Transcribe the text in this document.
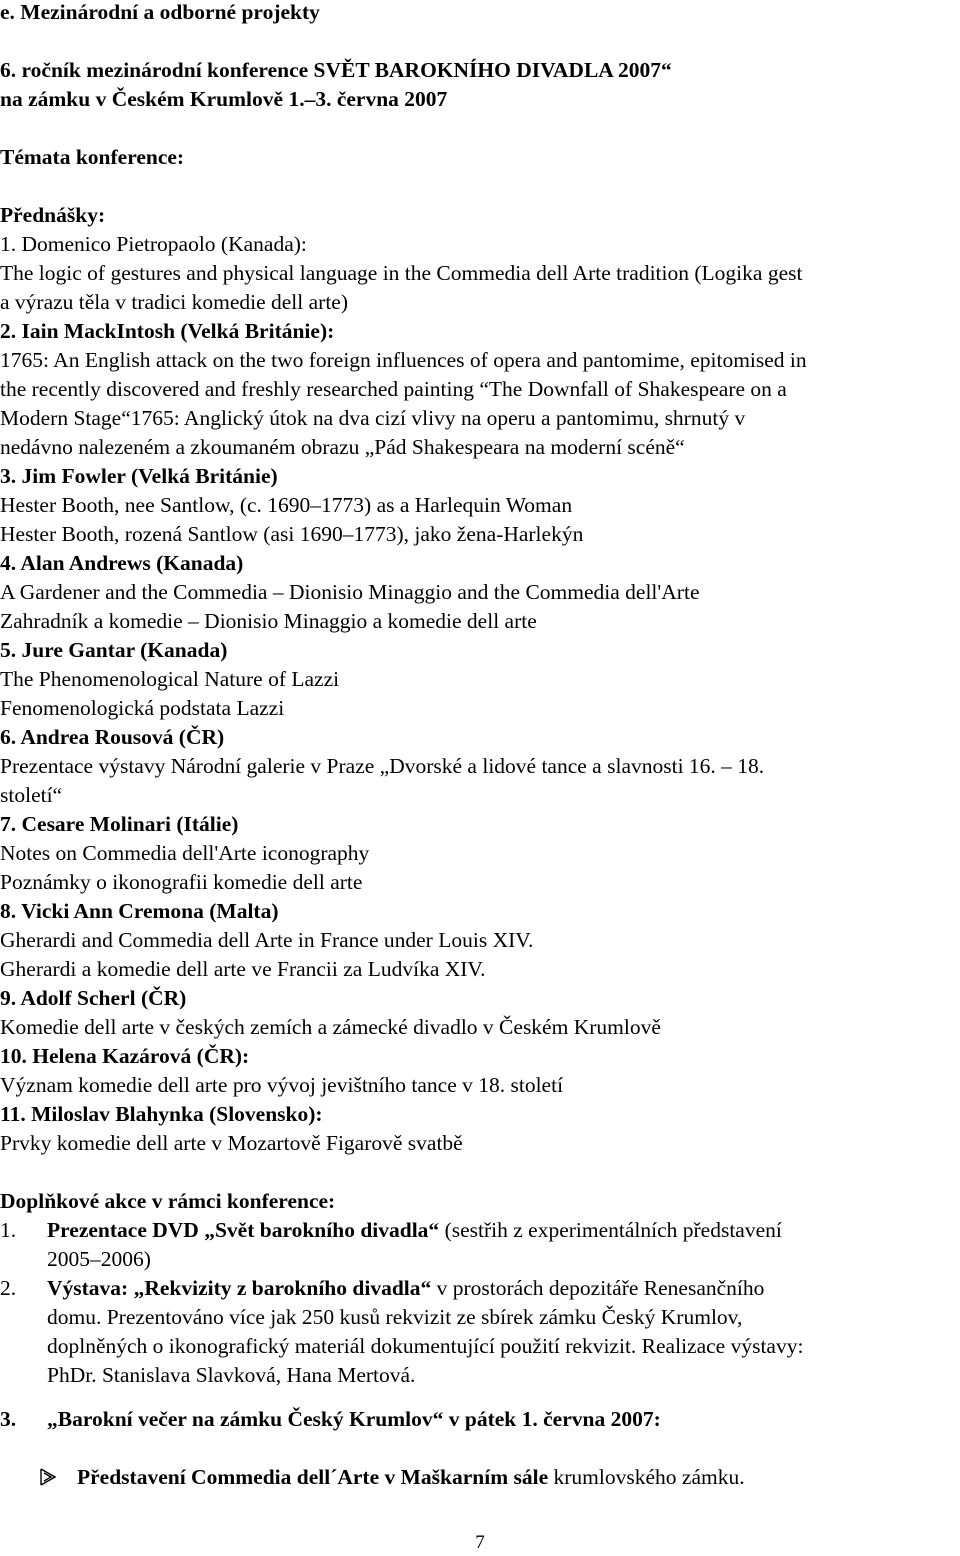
e. Mezinárodní a odborné projekty
6. ročník mezinárodní konference SVĚT BAROKNÍHO DIVADLA 2007“
na zámku v Českém Krumlově 1.–3. června 2007
Témata konference:
Přednášky:
1. Domenico Pietropaolo (Kanada):
The logic of gestures and physical language in the Commedia dell Arte tradition (Logika gest
a výrazu těla v tradici komedie dell arte)
2. Iain MackIntosh (Velká Británie):
1765: An English attack on the two foreign influences of opera and pantomime, epitomised in
the recently discovered and freshly researched painting “The Downfall of Shakespeare on a
Modern Stage“1765: Anglický útok na dva cizí vlivy na operu a pantomimu, shrnutý v
nedávno nalezeném a zkoumaném obrazu „Pád Shakespeara na moderní scéně“
3. Jim Fowler (Velká Británie)
Hester Booth, nee Santlow, (c. 1690–1773) as a Harlequin Woman
Hester Booth, rozená Santlow (asi 1690–1773), jako žena-Harlekýn
4. Alan Andrews (Kanada)
A Gardener and the Commedia – Dionisio Minaggio and the Commedia dell'Arte
Zahradník a komedie – Dionisio Minaggio a komedie dell arte
5. Jure Gantar (Kanada)
The Phenomenological Nature of Lazzi
Fenomenologická podstata Lazzi
6. Andrea Rousová (ČR)
Prezentace výstavy Národní galerie v Praze „Dvorské a lidové tance a slavnosti 16. – 18.
století“
7. Cesare Molinari (Itálie)
Notes on Commedia dell'Arte iconography
Poznámky o ikonografii komedie dell arte
8. Vicki Ann Cremona (Malta)
Gherardi and Commedia dell Arte in France under Louis XIV.
Gherardi a komedie dell arte ve Francii za Ludvíka XIV.
9. Adolf Scherl (ČR)
Komedie dell arte v českých zemích a zámecké divadlo v Českém Krumlově
10. Helena Kazárová (ČR):
Význam komedie dell arte pro vývoj jevištního tance v 18. století
11. Miloslav Blahynka (Slovensko):
Prvky komedie dell arte v Mozartově Figarově svatbě
Doplňkové akce v rámci konference:
1. Prezentace DVD „Svět barokního divadla“ (sestřih z experimentálních představení
2005–2006)
2. Výstava: „Rekvizity z barokního divadla“ v prostorách depozitáře Renesančního
domu. Prezentováno více jak 250 kusů rekvizit ze sbírek zámku Český Krumlov,
doplněných o ikonografický materiál dokumentující použití rekvizit. Realizace výstavy:
PhDr. Stanislava Slavková, Hana Mertová.
3. „Barokní večer na zámku Český Krumlov“ v pátek 1. června 2007:
Představení Commedia dell´Arte v Maškarním sále krumlovského zámku.
7
